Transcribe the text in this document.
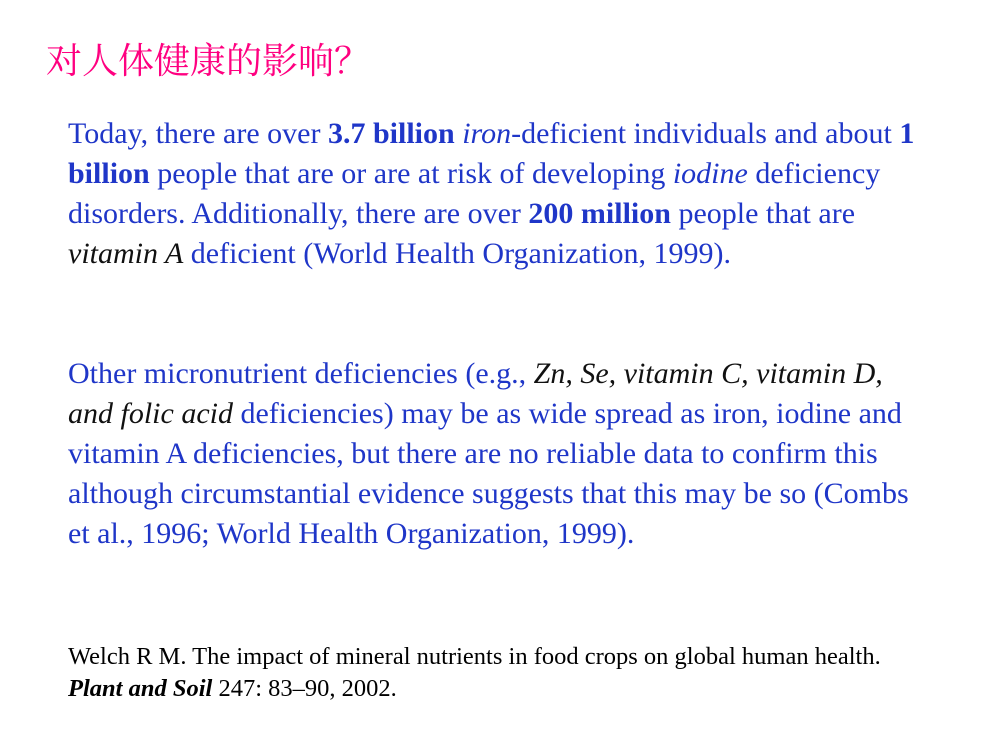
对人体健康的影响？

Today, there are over 3.7 billion iron-deficient individuals and about 1 billion people that are or are at risk of developing iodine deficiency disorders. Additionally, there are over 200 million people that are vitamin A deficient (World Health Organization, 1999).

Other micronutrient deficiencies (e.g., Zn, Se, vitamin C, vitamin D, and folic acid deficiencies) may be as wide spread as iron, iodine and vitamin A deficiencies, but there are no reliable data to confirm this although circumstantial evidence suggests that this may be so (Combs et al., 1996; World Health Organization, 1999).

Welch R M. The impact of mineral nutrients in food crops on global human health. Plant and Soil 247: 83–90, 2002.
